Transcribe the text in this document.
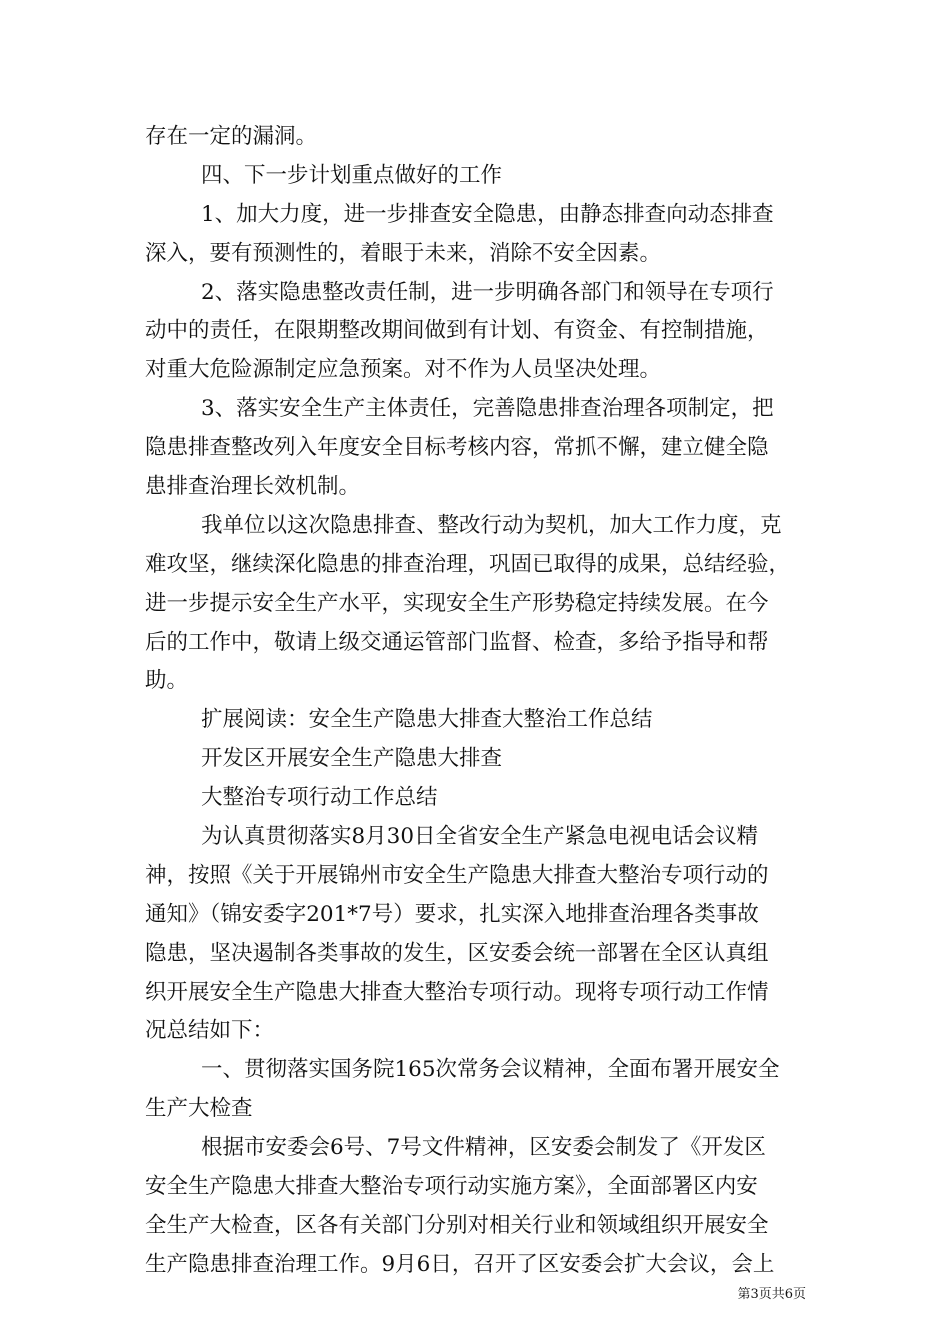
存在一定的漏洞。
四、下一步计划重点做好的工作
1、加大力度，进一步排查安全隐患，由静态排查向动态排查
深入，要有预测性的，着眼于未来，消除不安全因素。
2、落实隐患整改责任制，进一步明确各部门和领导在专项行
动中的责任，在限期整改期间做到有计划、有资金、有控制措施，
对重大危险源制定应急预案。对不作为人员坚决处理。
3、落实安全生产主体责任，完善隐患排查治理各项制定，把
隐患排查整改列入年度安全目标考核内容，常抓不懈，建立健全隐
患排查治理长效机制。
我单位以这次隐患排查、整改行动为契机，加大工作力度，克
难攻坚，继续深化隐患的排查治理，巩固已取得的成果，总结经验，
进一步提示安全生产水平，实现安全生产形势稳定持续发展。在今
后的工作中，敬请上级交通运管部门监督、检查，多给予指导和帮
助。
扩展阅读：安全生产隐患大排查大整治工作总结
开发区开展安全生产隐患大排查
大整治专项行动工作总结
为认真贯彻落实8月30日全省安全生产紧急电视电话会议精
神，按照《关于开展锦州市安全生产隐患大排查大整治专项行动的
通知》（锦安委字201*7号）要求，扎实深入地排查治理各类事故
隐患，坚决遏制各类事故的发生，区安委会统一部署在全区认真组
织开展安全生产隐患大排查大整治专项行动。现将专项行动工作情
况总结如下：
一、贯彻落实国务院165次常务会议精神，全面布署开展安全
生产大检查
根据市安委会6号、7号文件精神，区安委会制发了《开发区
安全生产隐患大排查大整治专项行动实施方案》，全面部署区内安
全生产大检查，区各有关部门分别对相关行业和领域组织开展安全
生产隐患排查治理工作。9月6日，召开了区安委会扩大会议，会上
第3页共6页
